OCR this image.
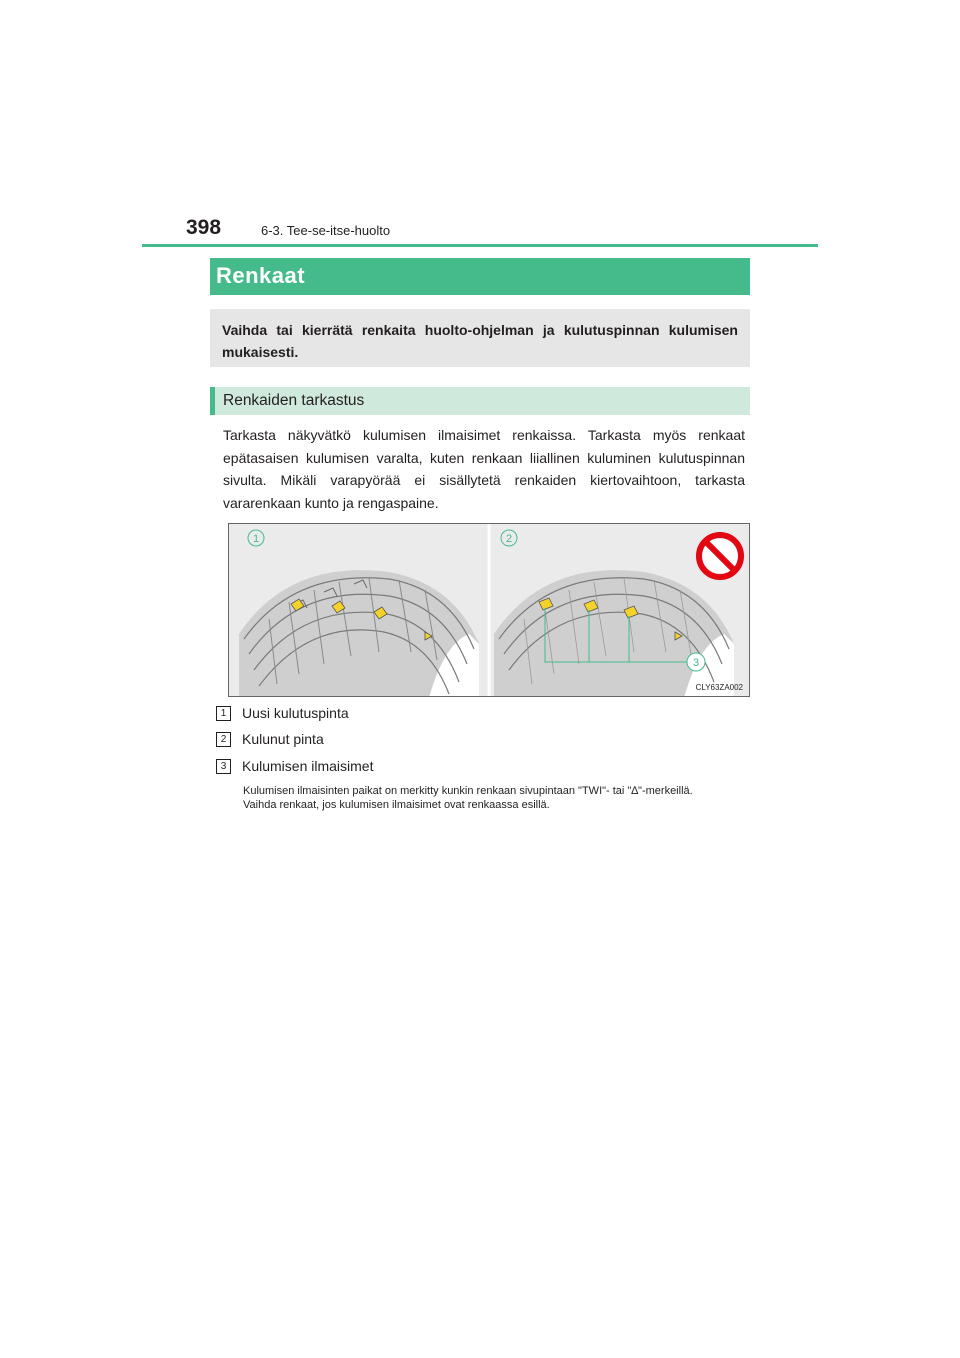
398	6-3. Tee-se-itse-huolto
Renkaat

Vaihda tai kierrätä renkaita huolto-ohjelman ja kulutuspinnan kulumisen mukaisesti.

Renkaiden tarkastus

Tarkasta näkyvätkö kulumisen ilmaisimet renkaissa. Tarkasta myös renkaat epätasaisen kulumisen varalta, kuten renkaan liiallinen kuluminen kulutuspinnan sivulta. Mikäli varapyörää ei sisällytetä renkaiden kiertovaihtoon, tarkasta vararenkaan kunto ja rengaspaine.

1	2
3
CLY63ZA002
1	Uusi kulutuspinta
2	Kulunut pinta
3	Kulumisen ilmaisimet
Kulumisen ilmaisinten paikat on merkitty kunkin renkaan sivupintaan "TWI"- tai "∆"-merkeillä.
Vaihda renkaat, jos kulumisen ilmaisimet ovat renkaassa esillä.
